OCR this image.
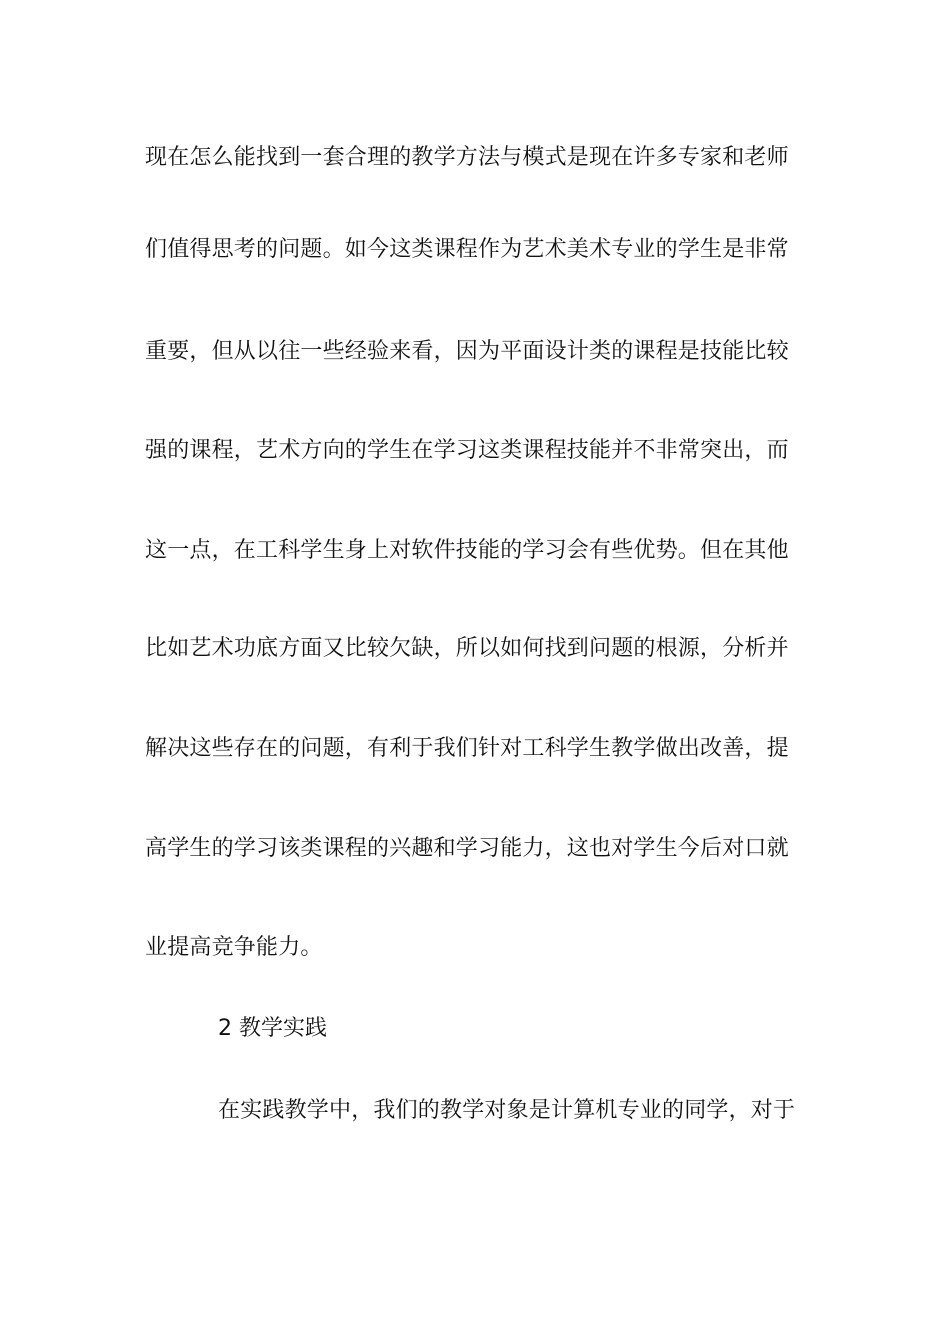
现在怎么能找到一套合理的教学方法与模式是现在许多专家和老师
们值得思考的问题。如今这类课程作为艺术美术专业的学生是非常
重要，但从以往一些经验来看，因为平面设计类的课程是技能比较
强的课程，艺术方向的学生在学习这类课程技能并不非常突出，而
这一点，在工科学生身上对软件技能的学习会有些优势。但在其他
比如艺术功底方面又比较欠缺，所以如何找到问题的根源，分析并
解决这些存在的问题，有利于我们针对工科学生教学做出改善，提
高学生的学习该类课程的兴趣和学习能力，这也对学生今后对口就
业提高竞争能力。
2 教学实践
在实践教学中，我们的教学对象是计算机专业的同学，对于
